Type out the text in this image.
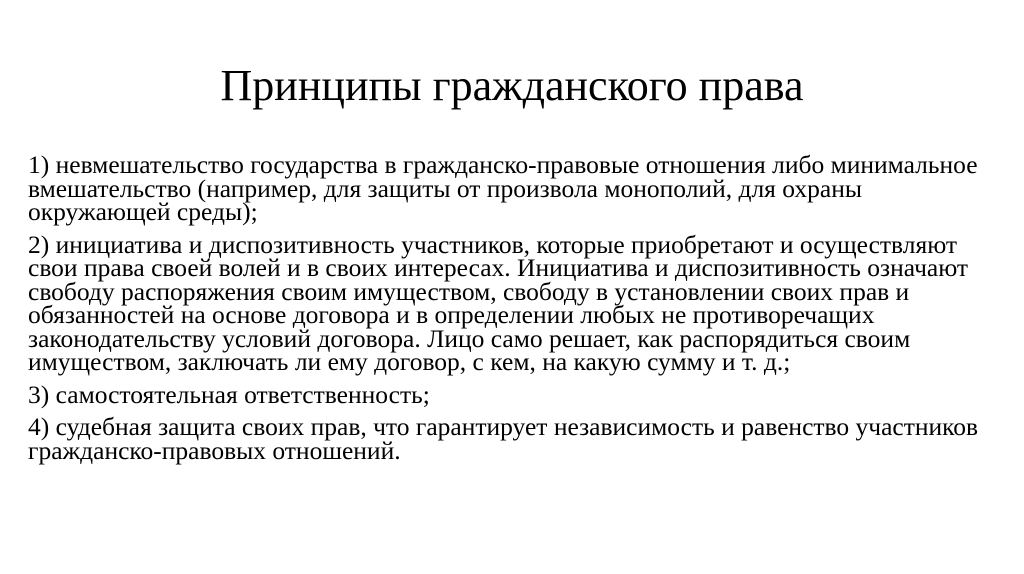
Принципы гражданского права
1) невмешательство государства в гражданско-правовые отношения либо минимальное вмешательство (например, для защиты от произвола монополий, для охраны окружающей среды);
2) инициатива и диспозитивность участников, которые приобретают и осуществляют свои права своей волей и в своих интересах. Инициатива и диспозитивность означают свободу распоряжения своим имуществом, свободу в установлении своих прав и обязанностей на основе договора и в определении любых не противоречащих законодательству условий договора. Лицо само решает, как распорядиться своим имуществом, заключать ли ему договор, с кем, на какую сумму и т. д.;
3) самостоятельная ответственность;
4) судебная защита своих прав, что гарантирует независимость и равенство участников гражданско-правовых отношений.
